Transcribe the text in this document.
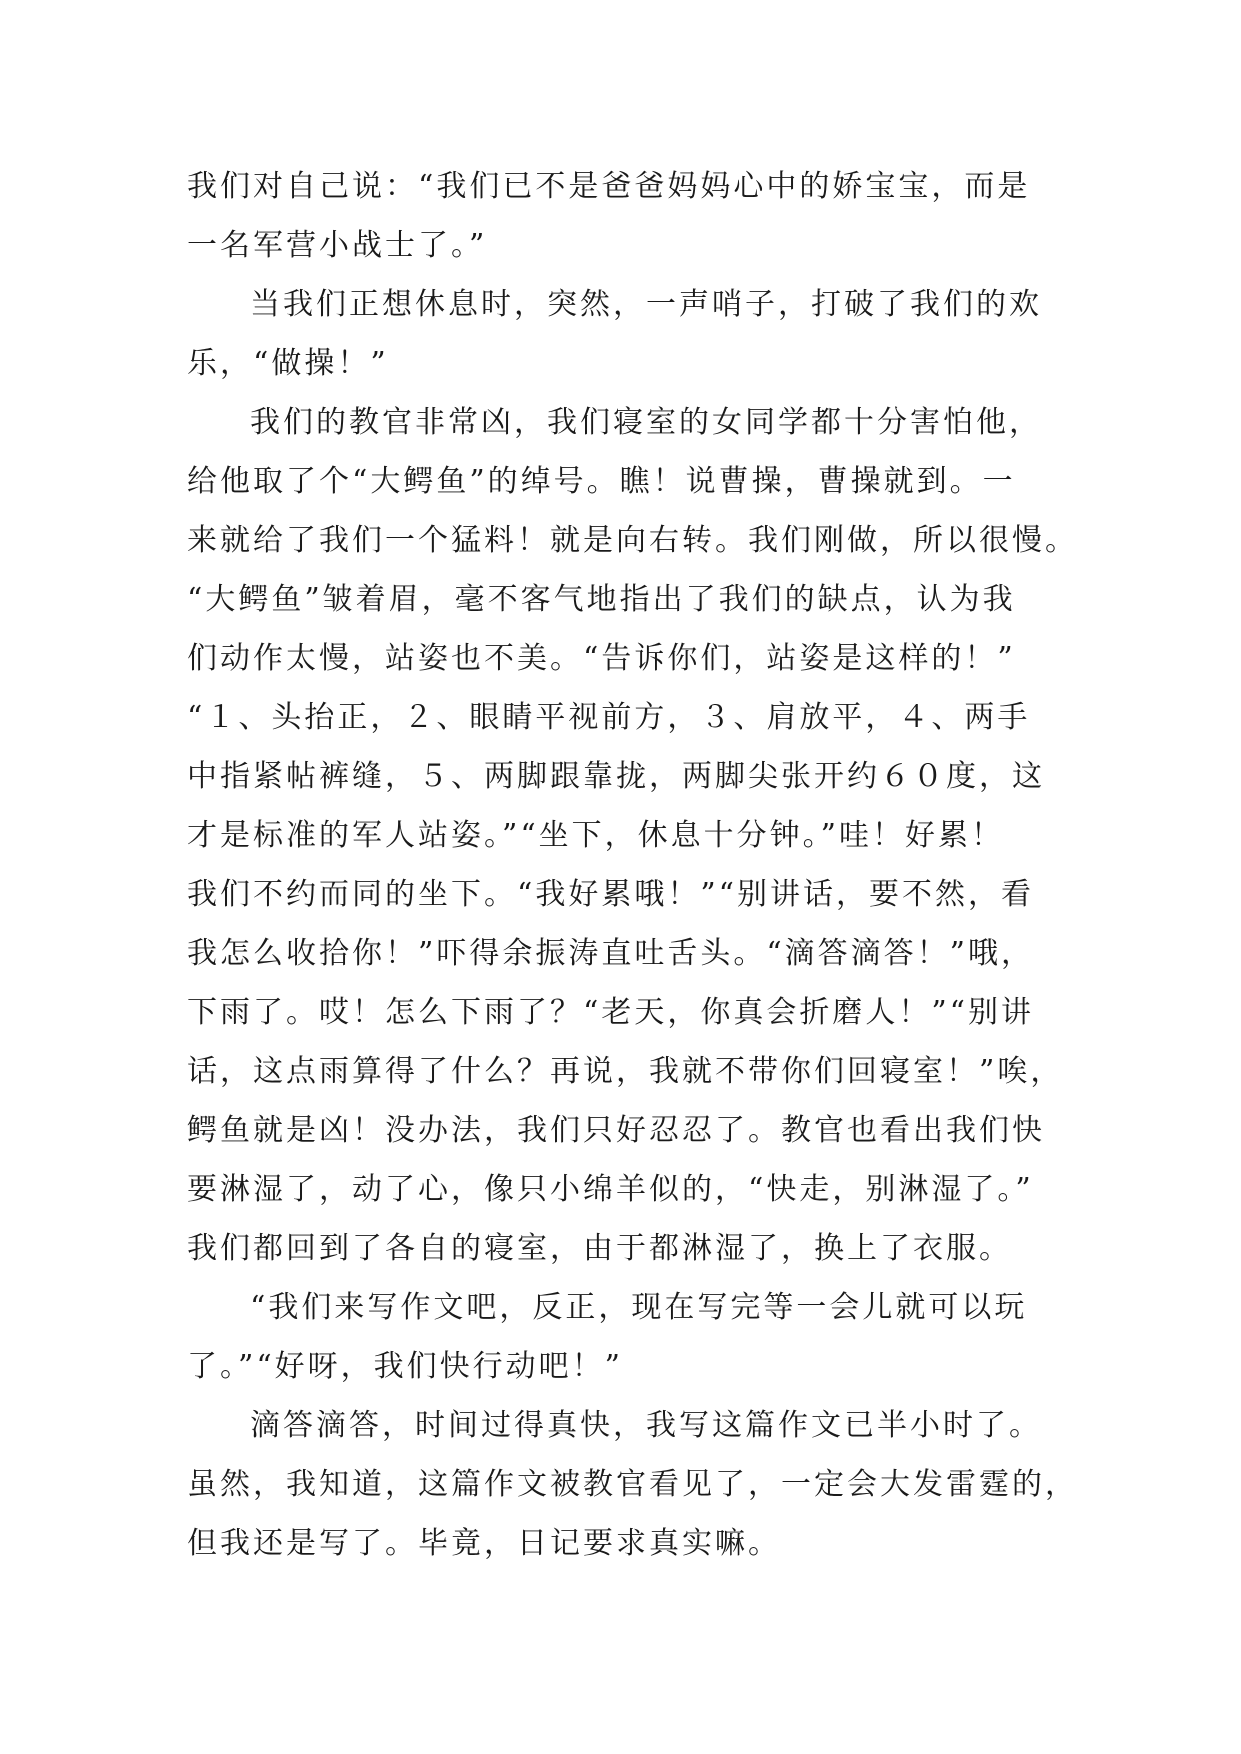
我们对自己说：“我们已不是爸爸妈妈心中的娇宝宝，而是
一名军营小战士了。”
当我们正想休息时，突然，一声哨子，打破了我们的欢
乐，“做操！”
我们的教官非常凶，我们寝室的女同学都十分害怕他，
给他取了个“大鳄鱼”的绰号。瞧！说曹操，曹操就到。一
来就给了我们一个猛料！就是向右转。我们刚做，所以很慢。
“大鳄鱼”皱着眉，毫不客气地指出了我们的缺点，认为我
们动作太慢，站姿也不美。“告诉你们，站姿是这样的！”
“１、头抬正，２、眼睛平视前方，３、肩放平，４、两手
中指紧帖裤缝，５、两脚跟靠拢，两脚尖张开约６０度，这
才是标准的军人站姿。”“坐下，休息十分钟。”哇！好累！
我们不约而同的坐下。“我好累哦！”“别讲话，要不然，看
我怎么收拾你！”吓得余振涛直吐舌头。“滴答滴答！”哦，
下雨了。哎！怎么下雨了？“老天，你真会折磨人！”“别讲
话，这点雨算得了什么？再说，我就不带你们回寝室！”唉，
鳄鱼就是凶！没办法，我们只好忍忍了。教官也看出我们快
要淋湿了，动了心，像只小绵羊似的，“快走，别淋湿了。”
我们都回到了各自的寝室，由于都淋湿了，换上了衣服。
“我们来写作文吧，反正，现在写完等一会儿就可以玩
了。”“好呀，我们快行动吧！”
滴答滴答，时间过得真快，我写这篇作文已半小时了。
虽然，我知道，这篇作文被教官看见了，一定会大发雷霆的，
但我还是写了。毕竟，日记要求真实嘛。
